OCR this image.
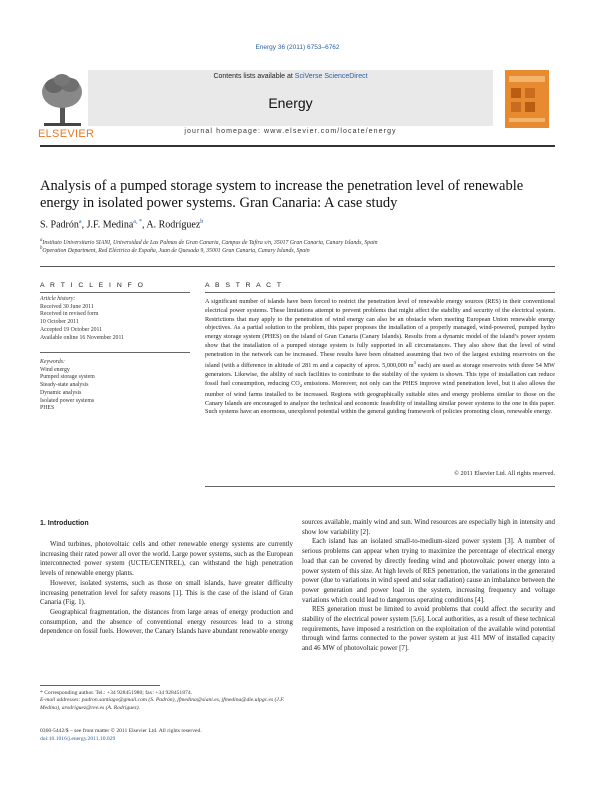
Energy 36 (2011) 6753–6762
ELSEVIER
Contents lists available at SciVerse ScienceDirect
Energy
journal homepage: www.elsevier.com/locate/energy
Analysis of a pumped storage system to increase the penetration level of renewable energy in isolated power systems. Gran Canaria: A case study
S. Padrón$^a$, J.F. Medina$^{a, *}$, A. Rodríguez$^b$
$^a$Instituto Universitario SIANI, Universidad de Las Palmas de Gran Canaria, Campus de Tafira s/n, 35017 Gran Canaria, Canary Islands, Spain
$^b$Operation Department, Red Eléctrica de España, Juan de Quesada 9, 35001 Gran Canaria, Canary Islands, Spain
A R T I C L E I N F O
Article history:
Received 30 June 2011
Received in revised form
10 October 2011
Accepted 19 October 2011
Available online 16 November 2011
Keywords:
Wind energy
Pumped storage system
Steady-state analysis
Dynamic analysis
Isolated power systems
PHES
A B S T R A C T
A significant number of islands have been forced to restrict the penetration level of renewable energy sources (RES) in their conventional electrical power systems. These limitations attempt to prevent problems that might affect the stability and security of the electrical system. Restrictions that may apply to the penetration of wind energy can also be an obstacle when meeting European Union renewable energy objectives. As a partial solution to the problem, this paper proposes the installation of a properly managed, wind-powered, pumped hydro energy storage system (PHES) on the island of Gran Canaria (Canary Islands). Results from a dynamic model of the island’s power system show that the installation of a pumped storage system is fully supported in all circumstances. They also show that the level of wind penetration in the network can be increased. These results have been obtained assuming that two of the largest existing reservoirs on the island (with a difference in altitude of 281 m and a capacity of aprox. 5,000,000 $m^3$ each) are used as storage reservoirs with three 54 MW generators. Likewise, the ability of such facilities to contribute to the stability of the system is shown. This type of installation can reduce fossil fuel consumption, reducing $CO_2$ emissions. Moreover, not only can the PHES improve wind penetration level, but it also allows the number of wind farms installed to be increased. Regions with geographically suitable sites and energy problems similar to those on the Canary Islands are encouraged to analyze the technical and economic feasibility of installing similar power systems to the one in this paper. Such systems have an enormous, unexplored potential within the general guiding framework of policies promoting clean, renewable energy.
© 2011 Elsevier Ltd. All rights reserved.
1. Introduction

Wind turbines, photovoltaic cells and other renewable energy systems are currently increasing their rated power all over the world. Large power systems, such as the European interconnected power system (UCTE/CENTREL), can withstand the high penetration levels of renewable energy plants.

However, isolated systems, such as those on small islands, have greater difficulty increasing penetration level for safety reasons [1]. This is the case of the island of Gran Canaria (Fig. 1).

Geographical fragmentation, the distances from large areas of energy production and consumption, and the absence of conventional energy resources lead to a strong dependence on fossil fuels. However, the Canary Islands have abundant renewable energy

sources available, mainly wind and sun. Wind resources are especially high in intensity and show low variability [2].

Each island has an isolated small-to-medium-sized power system [3]. A number of serious problems can appear when trying to maximize the percentage of electrical energy load that can be covered by directly feeding wind and photovoltaic power energy into a power system of this size. At high levels of RES penetration, the variations in the generated power (due to variations in wind speed and solar radiation) cause an imbalance between the power generation and power load in the system, increasing frequency and voltage variations which could lead to dangerous operating conditions [4].

RES generation must be limited to avoid problems that could affect the security and stability of the electrical power system [5,6]. Local authorities, as a result of these technical requirements, have imposed a restriction on the exploitation of the available wind potential through wind farms connected to the power system at just 411 MW of installed capacity and 46 MW of photovoltaic power [7].

* Corresponding author. Tel.: +34 928451980; fax: +34 928451874.
E-mail addresses: padron.santiago@gmail.com (S. Padrón), jfmedina@siani.es, jfmedina@die.ulpgc.es (J.F. Medina), arodriguez@ree.es (A. Rodríguez).
0360-5442/$ – see front matter © 2011 Elsevier Ltd. All rights reserved.
doi:10.1016/j.energy.2011.10.029
